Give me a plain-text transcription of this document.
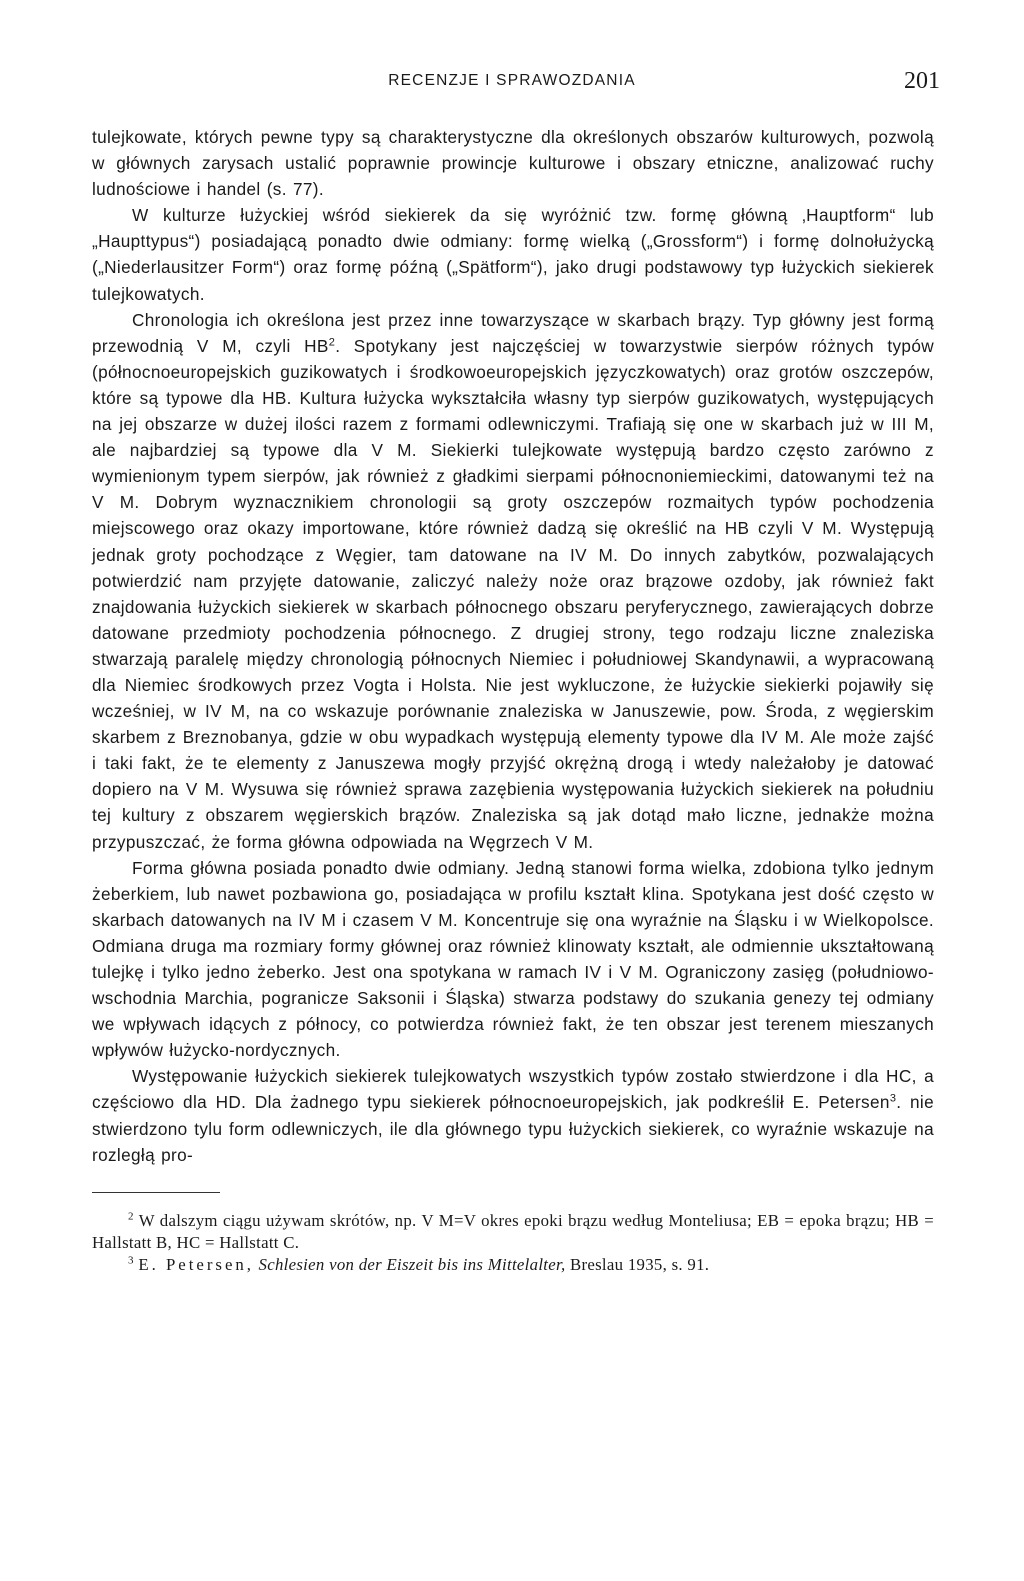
RECENZJE I SPRAWOZDANIA	201

tulejkowate, których pewne typy są charakterystyczne dla określonych obszarów kulturowych, pozwolą w głównych zarysach ustalić poprawnie prowincje kulturowe i obszary etniczne, analizować ruchy ludnościowe i handel (s. 77).

W kulturze łużyckiej wśród siekierek da się wyróżnić tzw. formę główną ‚Hauptform“ lub „Haupttypus“) posiadającą ponadto dwie odmiany: formę wielką („Grossform“) i formę dolnołużycką („Niederlausitzer Form“) oraz formę późną („Spätform“), jako drugi podstawowy typ łużyckich siekierek tulejkowatych.

Chronologia ich określona jest przez inne towarzyszące w skarbach brązy. Typ główny jest formą przewodnią V M, czyli $HB^2$. Spotykany jest najczęściej w towarzystwie sierpów różnych typów (północnoeuropejskich guzikowatych i środkowoeuropejskich języczkowatych) oraz grotów oszczepów, które są typowe dla HB. Kultura łużycka wykształciła własny typ sierpów guzikowatych, występujących na jej obszarze w dużej ilości razem z formami odlewniczymi. Trafiają się one w skarbach już w III M, ale najbardziej są typowe dla V M. Siekierki tulejkowate występują bardzo często zarówno z wymienionym typem sierpów, jak również z gładkimi sierpami północnoniemieckimi, datowanymi też na V M. Dobrym wyznacznikiem chronologii są groty oszczepów rozmaitych typów pochodzenia miejscowego oraz okazy importowane, które również dadzą się określić na HB czyli V M. Występują jednak groty pochodzące z Węgier, tam datowane na IV M. Do innych zabytków, pozwalających potwierdzić nam przyjęte datowanie, zaliczyć należy noże oraz brązowe ozdoby, jak również fakt znajdowania łużyckich siekierek w skarbach północnego obszaru peryferycznego, zawierających dobrze datowane przedmioty pochodzenia północnego. Z drugiej strony, tego rodzaju liczne znaleziska stwarzają paralelę między chronologią północnych Niemiec i południowej Skandynawii, a wypracowaną dla Niemiec środkowych przez Vogta i Holsta. Nie jest wykluczone, że łużyckie siekierki pojawiły się wcześniej, w IV M, na co wskazuje porównanie znaleziska w Januszewie, pow. Środa, z węgierskim skarbem z Breznobanya, gdzie w obu wypadkach występują elementy typowe dla IV M. Ale może zajść i taki fakt, że te elementy z Januszewa mogły przyjść okrężną drogą i wtedy należałoby je datować dopiero na V M. Wysuwa się również sprawa zazębienia występowania łużyckich siekierek na południu tej kultury z obszarem węgierskich brązów. Znaleziska są jak dotąd mało liczne, jednakże można przypuszczać, że forma główna odpowiada na Węgrzech V M.

Forma główna posiada ponadto dwie odmiany. Jedną stanowi forma wielka, zdobiona tylko jednym żeberkiem, lub nawet pozbawiona go, posiadająca w profilu kształt klina. Spotykana jest dość często w skarbach datowanych na IV M i czasem V M. Koncentruje się ona wyraźnie na Śląsku i w Wielkopolsce. Odmiana druga ma rozmiary formy głównej oraz również klinowaty kształt, ale odmiennie ukształtowaną tulejkę i tylko jedno żeberko. Jest ona spotykana w ramach IV i V M. Ograniczony zasięg (południowo-wschodnia Marchia, pogranicze Saksonii i Śląska) stwarza podstawy do szukania genezy tej odmiany we wpływach idących z północy, co potwierdza również fakt, że ten obszar jest terenem mieszanych wpływów łużycko-nordycznych.

Występowanie łużyckich siekierek tulejkowatych wszystkich typów zostało stwierdzone i dla HC, a częściowo dla HD. Dla żadnego typu siekierek północnoeuropejskich, jak podkreślił E. Petersen$^3$. nie stwierdzono tylu form odlewniczych, ile dla głównego typu łużyckich siekierek, co wyraźnie wskazuje na rozległą pro-

$^2$ W dalszym ciągu używam skrótów, np. V M=V okres epoki brązu według Monteliusa; EB = epoka brązu; HB = Hallstatt B, HC = Hallstatt C.

$^3$ E. Petersen, Schlesien von der Eiszeit bis ins Mittelalter, Breslau 1935, s. 91.
